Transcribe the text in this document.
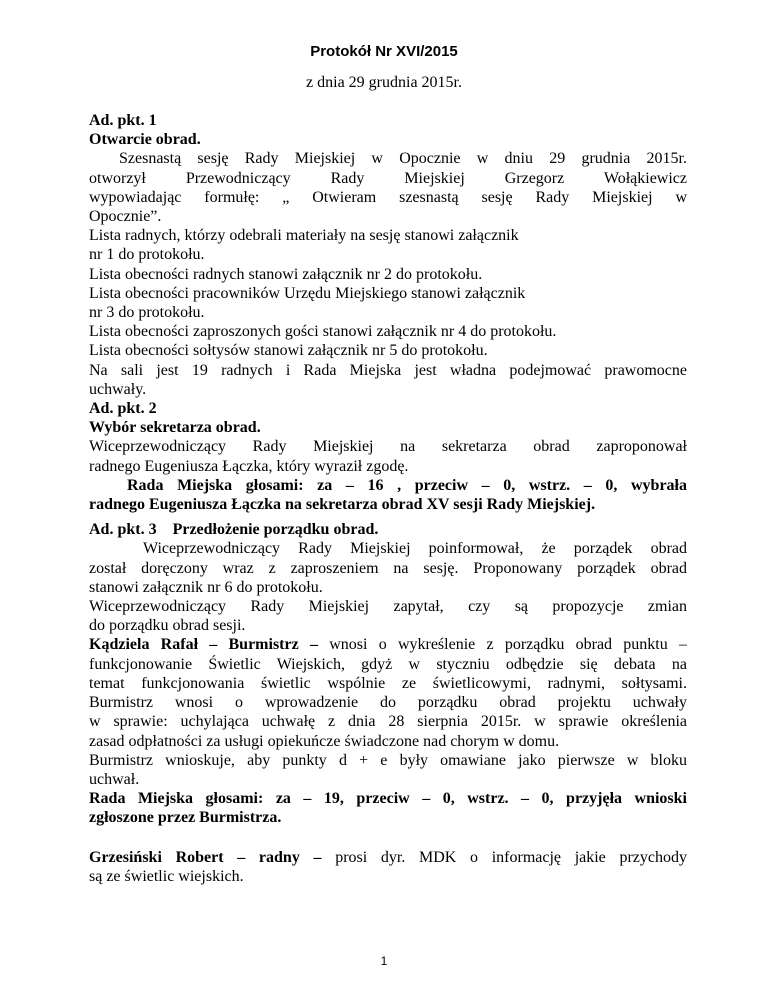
Protokół Nr XVI/2015
z dnia 29 grudnia 2015r.
Ad. pkt. 1
Otwarcie obrad.
Szesnastą sesję Rady Miejskiej w Opocznie w dniu 29 grudnia 2015r.
otworzył Przewodniczący Rady Miejskiej Grzegorz Wołąkiewicz
wypowiadając formułę: „ Otwieram szesnastą sesję Rady Miejskiej w
Opocznie”.
Lista radnych, którzy odebrali materiały na sesję stanowi załącznik
nr 1 do protokołu.
Lista obecności radnych stanowi załącznik nr 2 do protokołu.
Lista obecności pracowników Urzędu Miejskiego stanowi załącznik
nr 3 do protokołu.
Lista obecności zaproszonych gości stanowi załącznik nr 4 do protokołu.
Lista obecności sołtysów stanowi załącznik nr 5 do protokołu.
Na sali jest 19 radnych i Rada Miejska jest władna podejmować prawomocne
uchwały.
Ad. pkt. 2
Wybór sekretarza obrad.
Wiceprzewodniczący Rady Miejskiej na sekretarza obrad zaproponował
radnego Eugeniusza Łączka, który wyraził zgodę.
Rada Miejska głosami: za – 16 , przeciw – 0, wstrz. – 0, wybrała
radnego Eugeniusza Łączka na sekretarza obrad XV sesji Rady Miejskiej.
Ad. pkt. 3    Przedłożenie porządku obrad.
Wiceprzewodniczący Rady Miejskiej poinformował, że porządek obrad
został doręczony wraz z zaproszeniem na sesję. Proponowany porządek obrad
stanowi załącznik nr 6 do protokołu.
Wiceprzewodniczący Rady Miejskiej zapytał, czy są propozycje zmian
do porządku obrad sesji.
Kądziela Rafał – Burmistrz – wnosi o wykreślenie z porządku obrad punktu –
funkcjonowanie Świetlic Wiejskich, gdyż w styczniu odbędzie się debata na
temat funkcjonowania świetlic wspólnie ze świetlicowymi, radnymi, sołtysami.
Burmistrz wnosi o wprowadzenie do porządku obrad projektu uchwały
w sprawie: uchylająca uchwałę z dnia 28 sierpnia 2015r. w sprawie określenia
zasad odpłatności za usługi opiekuńcze świadczone nad chorym w domu.
Burmistrz wnioskuje, aby punkty d + e były omawiane jako pierwsze w bloku
uchwał.
Rada Miejska głosami: za – 19, przeciw – 0, wstrz. – 0, przyjęła wnioski
zgłoszone przez Burmistrza.
Grzesiński Robert – radny – prosi dyr. MDK o informację jakie przychody
są ze świetlic wiejskich.
1
